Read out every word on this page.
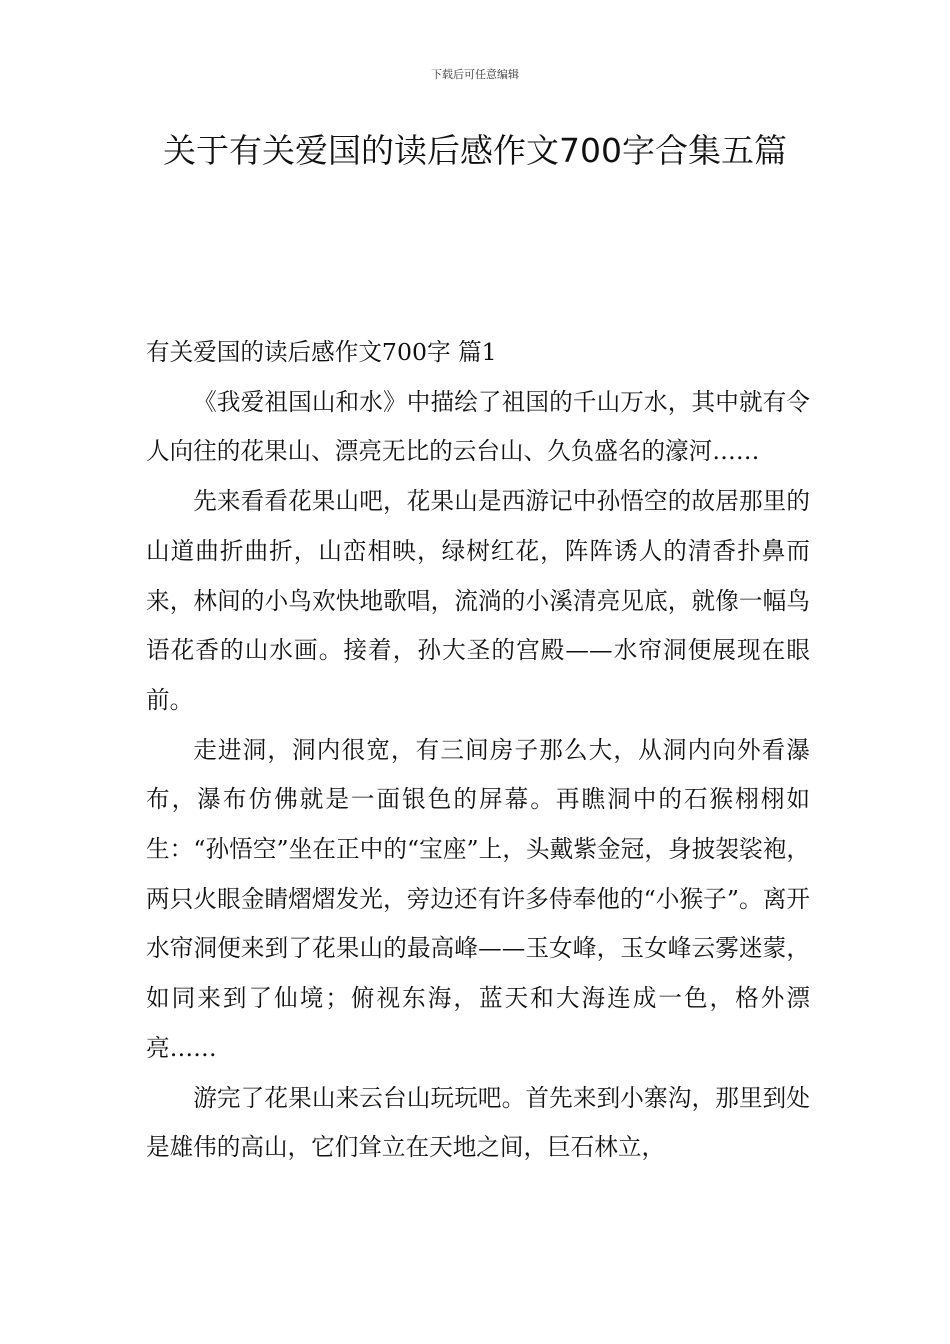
下载后可任意编辑
关于有关爱国的读后感作文700字合集五篇

有关爱国的读后感作文700字 篇1

《我爱祖国山和水》中描绘了祖国的千山万水，其中就有令人向往的花果山、漂亮无比的云台山、久负盛名的濠河……

先来看看花果山吧，花果山是西游记中孙悟空的故居那里的山道曲折曲折，山峦相映，绿树红花，阵阵诱人的清香扑鼻而来，林间的小鸟欢快地歌唱，流淌的小溪清亮见底，就像一幅鸟语花香的山水画。接着，孙大圣的宫殿——水帘洞便展现在眼前。

走进洞，洞内很宽，有三间房子那么大，从洞内向外看瀑布，瀑布仿佛就是一面银色的屏幕。再瞧洞中的石猴栩栩如生：“孙悟空”坐在正中的“宝座”上，头戴紫金冠，身披袈裟袍，两只火眼金睛熠熠发光，旁边还有许多侍奉他的“小猴子”。离开水帘洞便来到了花果山的最高峰——玉女峰，玉女峰云雾迷蒙，如同来到了仙境；俯视东海，蓝天和大海连成一色，格外漂亮……

游完了花果山来云台山玩玩吧。首先来到小寨沟，那里到处是雄伟的高山，它们耸立在天地之间，巨石林立，
